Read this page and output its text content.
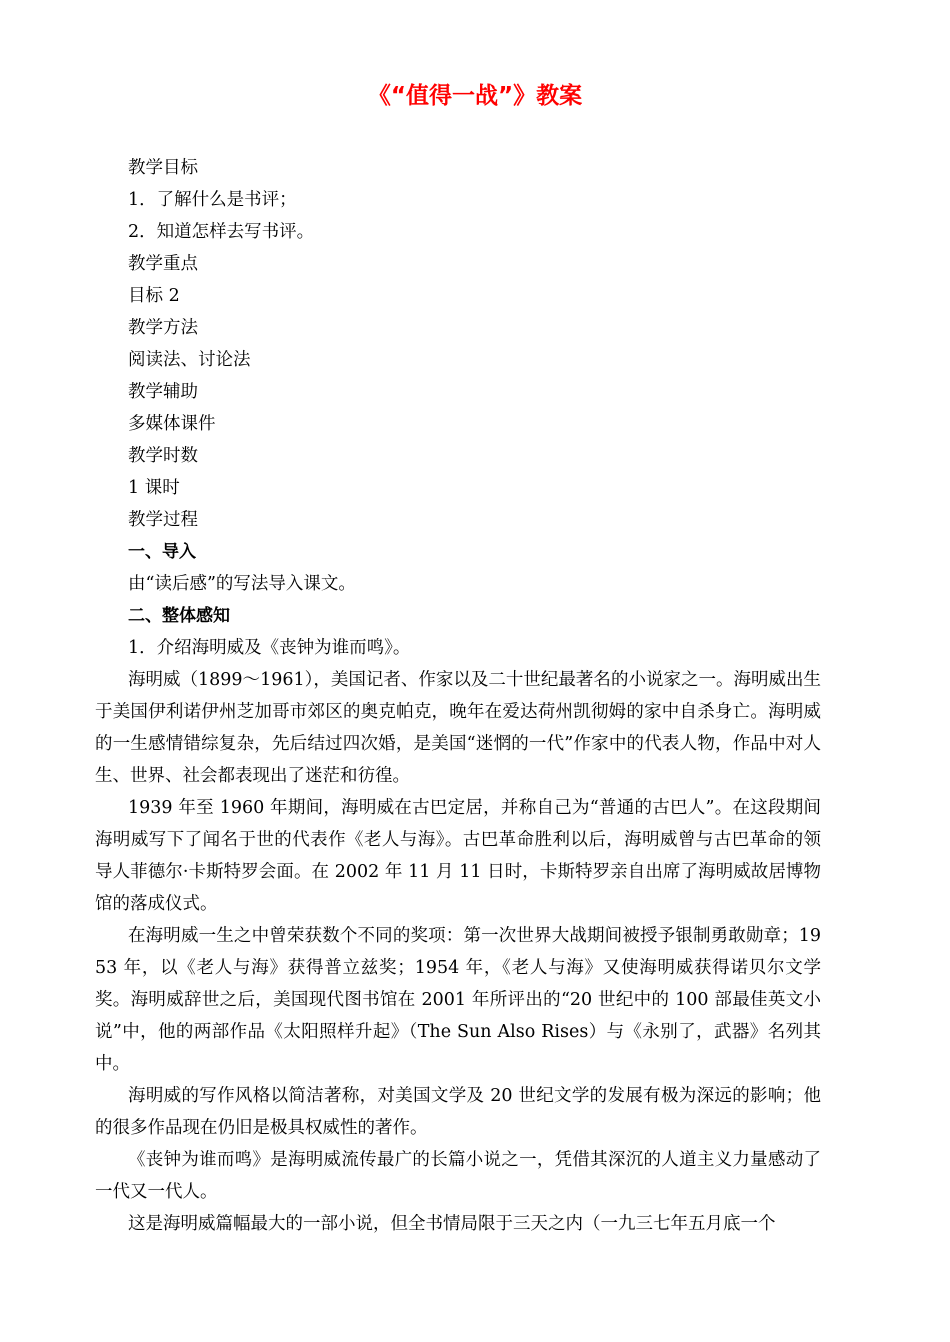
《“值得一战”》教案

教学目标

1．了解什么是书评；

2．知道怎样去写书评。

教学重点

目标 2

教学方法

阅读法、讨论法

教学辅助

多媒体课件

教学时数

1 课时

教学过程

一、导入

由“读后感”的写法导入课文。

二、整体感知

1．介绍海明威及《丧钟为谁而鸣》。

海明威（1899～1961），美国记者、作家以及二十世纪最著名的小说家之一。海明威出生于美国伊利诺伊州芝加哥市郊区的奥克帕克，晚年在爱达荷州凯彻姆的家中自杀身亡。海明威的一生感情错综复杂，先后结过四次婚，是美国“迷惘的一代”作家中的代表人物，作品中对人生、世界、社会都表现出了迷茫和彷徨。

1939 年至 1960 年期间，海明威在古巴定居，并称自己为“普通的古巴人”。在这段期间海明威写下了闻名于世的代表作《老人与海》。古巴革命胜利以后，海明威曾与古巴革命的领导人菲德尔·卡斯特罗会面。在 2002 年 11 月 11 日时，卡斯特罗亲自出席了海明威故居博物馆的落成仪式。

在海明威一生之中曾荣获数个不同的奖项：第一次世界大战期间被授予银制勇敢勋章；1953 年，以《老人与海》获得普立兹奖；1954 年，《老人与海》又使海明威获得诺贝尔文学奖。海明威辞世之后，美国现代图书馆在 2001 年所评出的“20 世纪中的 100 部最佳英文小说”中，他的两部作品《太阳照样升起》（The Sun Also Rises）与《永别了，武器》名列其中。

海明威的写作风格以简洁著称，对美国文学及 20 世纪文学的发展有极为深远的影响；他的很多作品现在仍旧是极具权威性的著作。

《丧钟为谁而鸣》是海明威流传最广的长篇小说之一，凭借其深沉的人道主义力量感动了一代又一代人。

这是海明威篇幅最大的一部小说，但全书情局限于三天之内（一九三七年五月底一个
